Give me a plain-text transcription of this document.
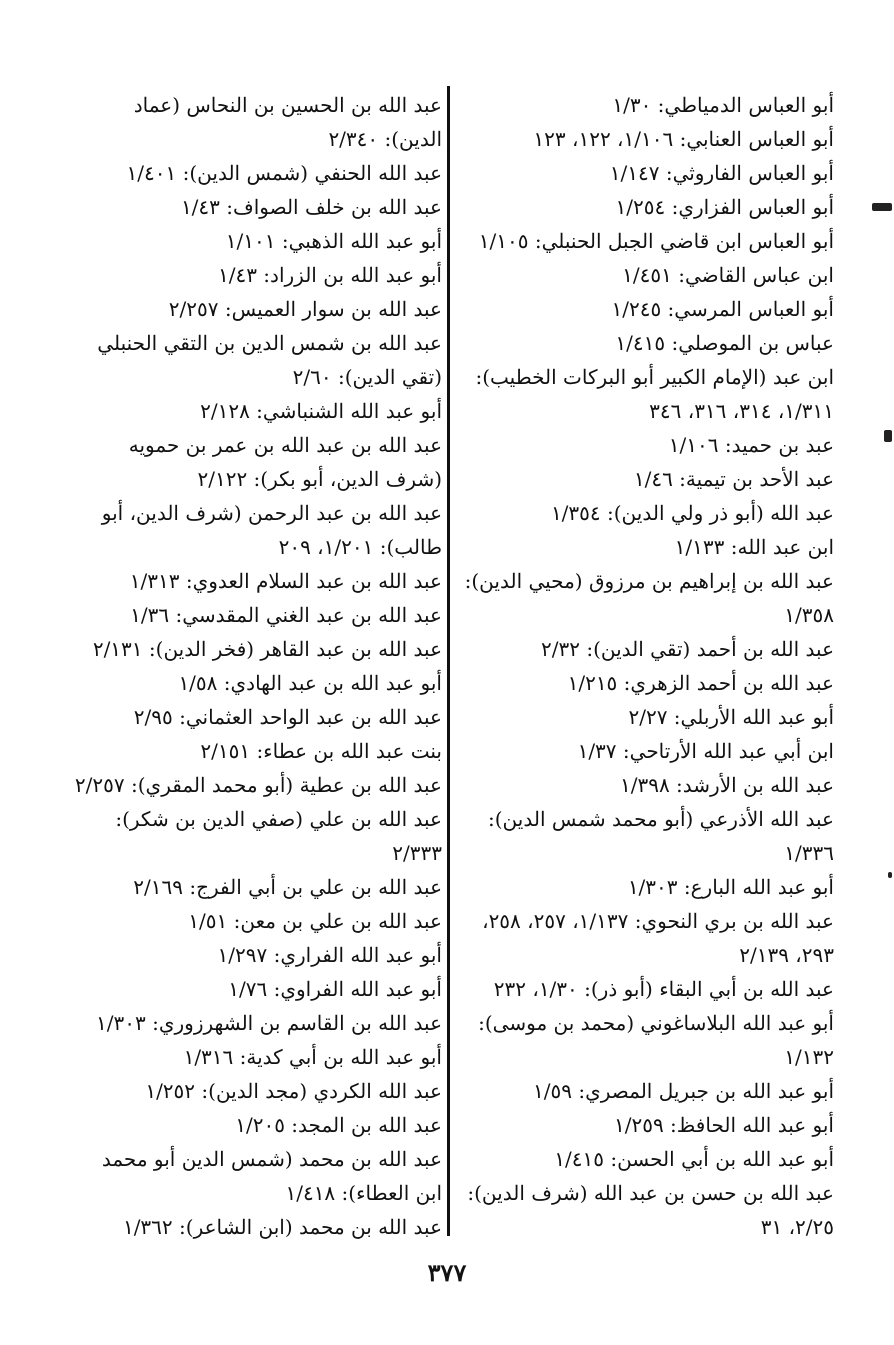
أبو العباس الدمياطي: ١/٣٠
أبو العباس العنابي: ١/١٠٦، ١٢٢، ١٢٣
أبو العباس الفاروثي: ١/١٤٧
أبو العباس الفزاري: ١/٢٥٤
أبو العباس ابن قاضي الجبل الحنبلي: ١/١٠٥
ابن عباس القاضي: ١/٤٥١
أبو العباس المرسي: ١/٢٤٥
عباس بن الموصلي: ١/٤١٥
ابن عبد (الإمام الكبير أبو البركات الخطيب): ١/٣١١، ٣١٤، ٣١٦، ٣٤٦
عبد بن حميد: ١/١٠٦
عبد الأحد بن تيمية: ١/٤٦
عبد الله (أبو ذر ولي الدين): ١/٣٥٤
ابن عبد الله: ١/١٣٣
عبد الله بن إبراهيم بن مرزوق (محيي الدين): ١/٣٥٨
عبد الله بن أحمد (تقي الدين): ٢/٣٢
عبد الله بن أحمد الزهري: ١/٢١٥
أبو عبد الله الأربلي: ٢/٢٧
ابن أبي عبد الله الأرتاحي: ١/٣٧
عبد الله بن الأرشد: ١/٣٩٨
عبد الله الأذرعي (أبو محمد شمس الدين): ١/٣٣٦
أبو عبد الله البارع: ١/٣٠٣
عبد الله بن بري النحوي: ١/١٣٧، ٢٥٧، ٢٥٨، ٢٩٣، ٢/١٣٩
عبد الله بن أبي البقاء (أبو ذر): ١/٣٠، ٢٣٢
أبو عبد الله البلاساغوني (محمد بن موسى): ١/١٣٢
أبو عبد الله بن جبريل المصري: ١/٥٩
أبو عبد الله الحافظ: ١/٢٥٩
أبو عبد الله بن أبي الحسن: ١/٤١٥
عبد الله بن حسن بن عبد الله (شرف الدين): ٢/٢٥، ٣١
عبد الله بن الحسين بن النحاس (عماد الدين): ٢/٣٤٠
عبد الله الحنفي (شمس الدين): ١/٤٠١
عبد الله بن خلف الصواف: ١/٤٣
أبو عبد الله الذهبي: ١/١٠١
أبو عبد الله بن الزراد: ١/٤٣
عبد الله بن سوار العميس: ٢/٢٥٧
عبد الله بن شمس الدين بن التقي الحنبلي (تقي الدين): ٢/٦٠
أبو عبد الله الشنباشي: ٢/١٢٨
عبد الله بن عبد الله بن عمر بن حمويه (شرف الدين، أبو بكر): ٢/١٢٢
عبد الله بن عبد الرحمن (شرف الدين، أبو طالب): ١/٢٠١، ٢٠٩
عبد الله بن عبد السلام العدوي: ١/٣١٣
عبد الله بن عبد الغني المقدسي: ١/٣٦
عبد الله بن عبد القاهر (فخر الدين): ٢/١٣١
أبو عبد الله بن عبد الهادي: ١/٥٨
عبد الله بن عبد الواحد العثماني: ٢/٩٥
بنت عبد الله بن عطاء: ٢/١٥١
عبد الله بن عطية (أبو محمد المقري): ٢/٢٥٧
عبد الله بن علي (صفي الدين بن شكر): ٢/٣٣٣
عبد الله بن علي بن أبي الفرج: ٢/١٦٩
عبد الله بن علي بن معن: ١/٥١
أبو عبد الله الفراري: ١/٢٩٧
أبو عبد الله الفراوي: ١/٧٦
عبد الله بن القاسم بن الشهرزوري: ١/٣٠٣
أبو عبد الله بن أبي كدية: ١/٣١٦
عبد الله الكردي (مجد الدين): ١/٢٥٢
عبد الله بن المجد: ١/٢٠٥
عبد الله بن محمد (شمس الدين أبو محمد ابن العطاء): ١/٤١٨
عبد الله بن محمد (ابن الشاعر): ١/٣٦٢
٣٧٧
